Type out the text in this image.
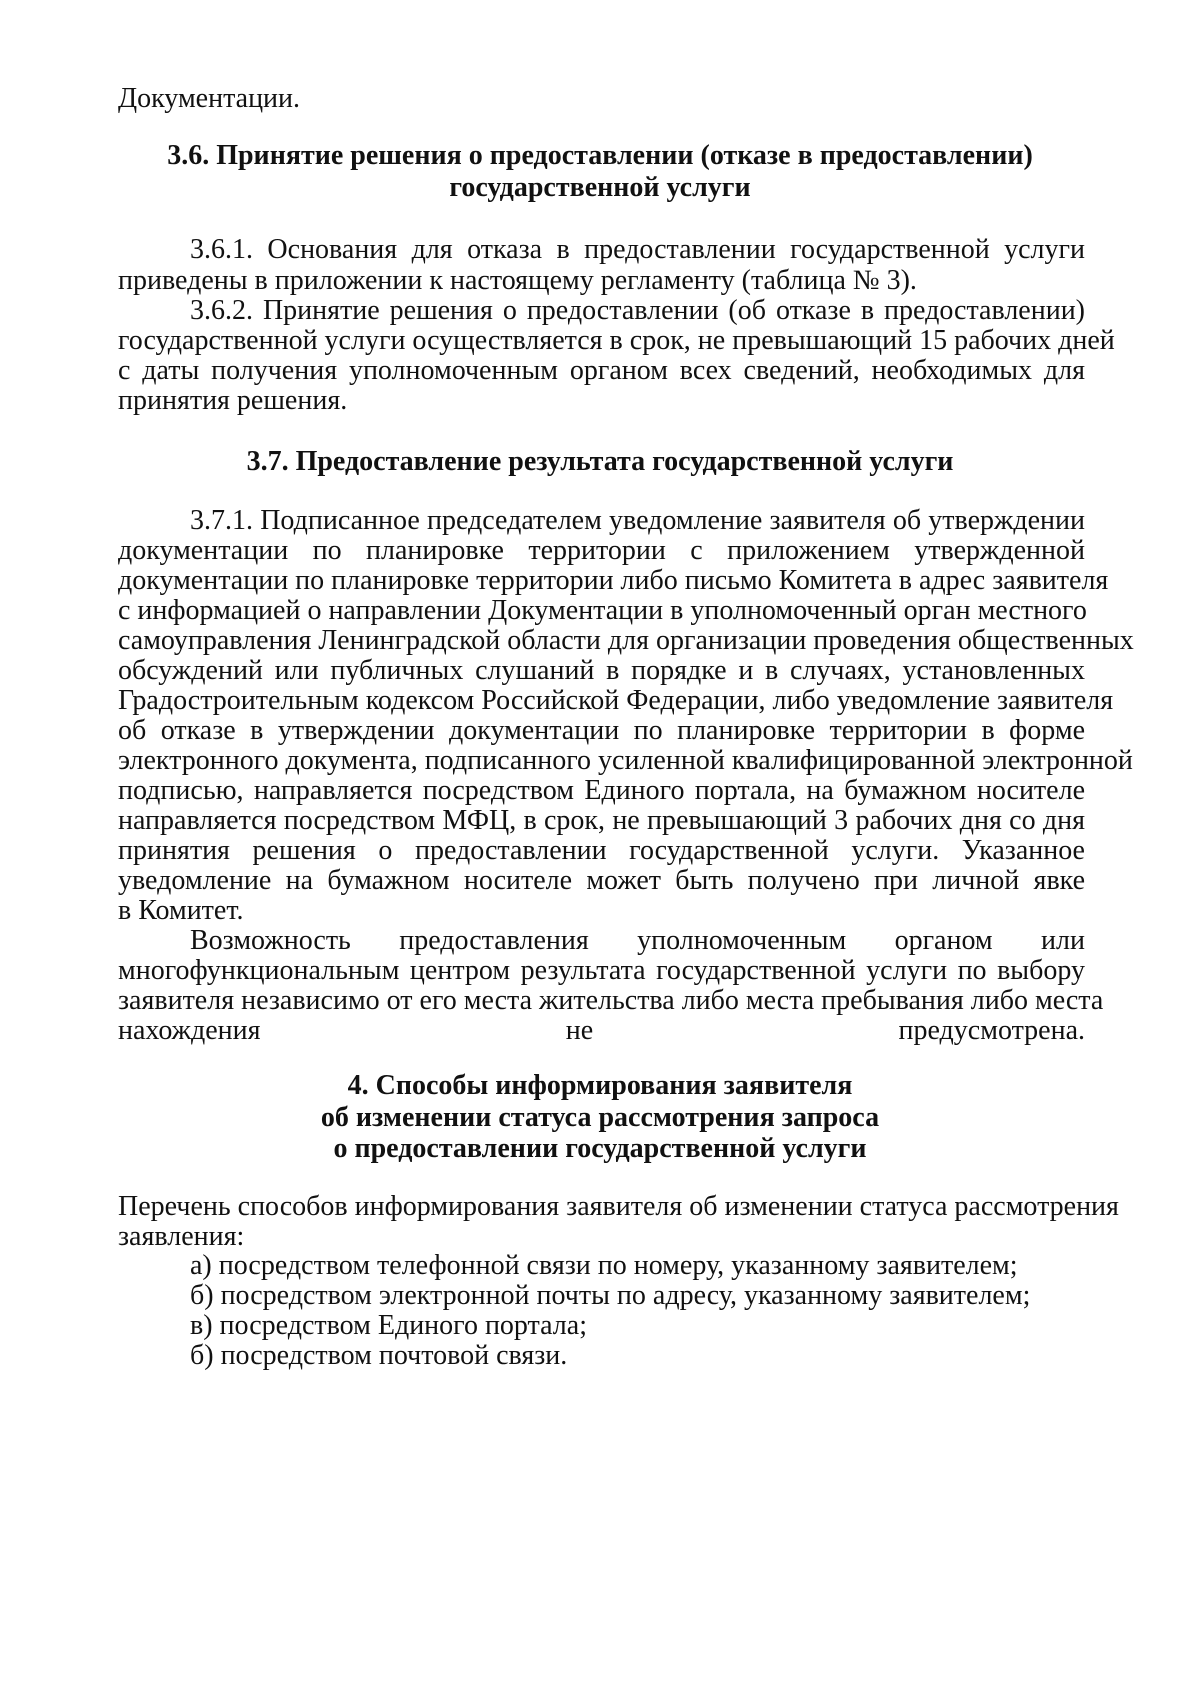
Документации.
3.6. Принятие решения о предоставлении (отказе в предоставлении)
государственной услуги
3.6.1. Основания для отказа в предоставлении государственной услуги
приведены в приложении к настоящему регламенту (таблица № 3).
3.6.2. Принятие решения о предоставлении (об отказе в предоставлении)
государственной услуги осуществляется в срок, не превышающий 15 рабочих дней
с даты получения уполномоченным органом всех сведений, необходимых для
принятия решения.
3.7. Предоставление результата государственной услуги
3.7.1. Подписанное председателем уведомление заявителя об утверждении
документации по планировке территории с приложением утвержденной
документации по планировке территории либо письмо Комитета в адрес заявителя
с информацией о направлении Документации в уполномоченный орган местного
самоуправления Ленинградской области для организации проведения общественных
обсуждений или публичных слушаний в порядке и в случаях, установленных
Градостроительным кодексом Российской Федерации, либо уведомление заявителя
об отказе в утверждении документации по планировке территории в форме
электронного документа, подписанного усиленной квалифицированной электронной
подписью, направляется посредством Единого портала, на бумажном носителе
направляется посредством МФЦ, в срок, не превышающий 3 рабочих дня со дня
принятия решения о предоставлении государственной услуги. Указанное
уведомление на бумажном носителе может быть получено при личной явке
в Комитет.
Возможность предоставления уполномоченным органом или
многофункциональным центром результата государственной услуги по выбору
заявителя независимо от его места жительства либо места пребывания либо места
нахождения не предусмотрена.
4. Способы информирования заявителя
об изменении статуса рассмотрения запроса
о предоставлении государственной услуги
Перечень способов информирования заявителя об изменении статуса рассмотрения
заявления:
а) посредством телефонной связи по номеру, указанному заявителем;
б) посредством электронной почты по адресу, указанному заявителем;
в) посредством Единого портала;
б) посредством почтовой связи.
